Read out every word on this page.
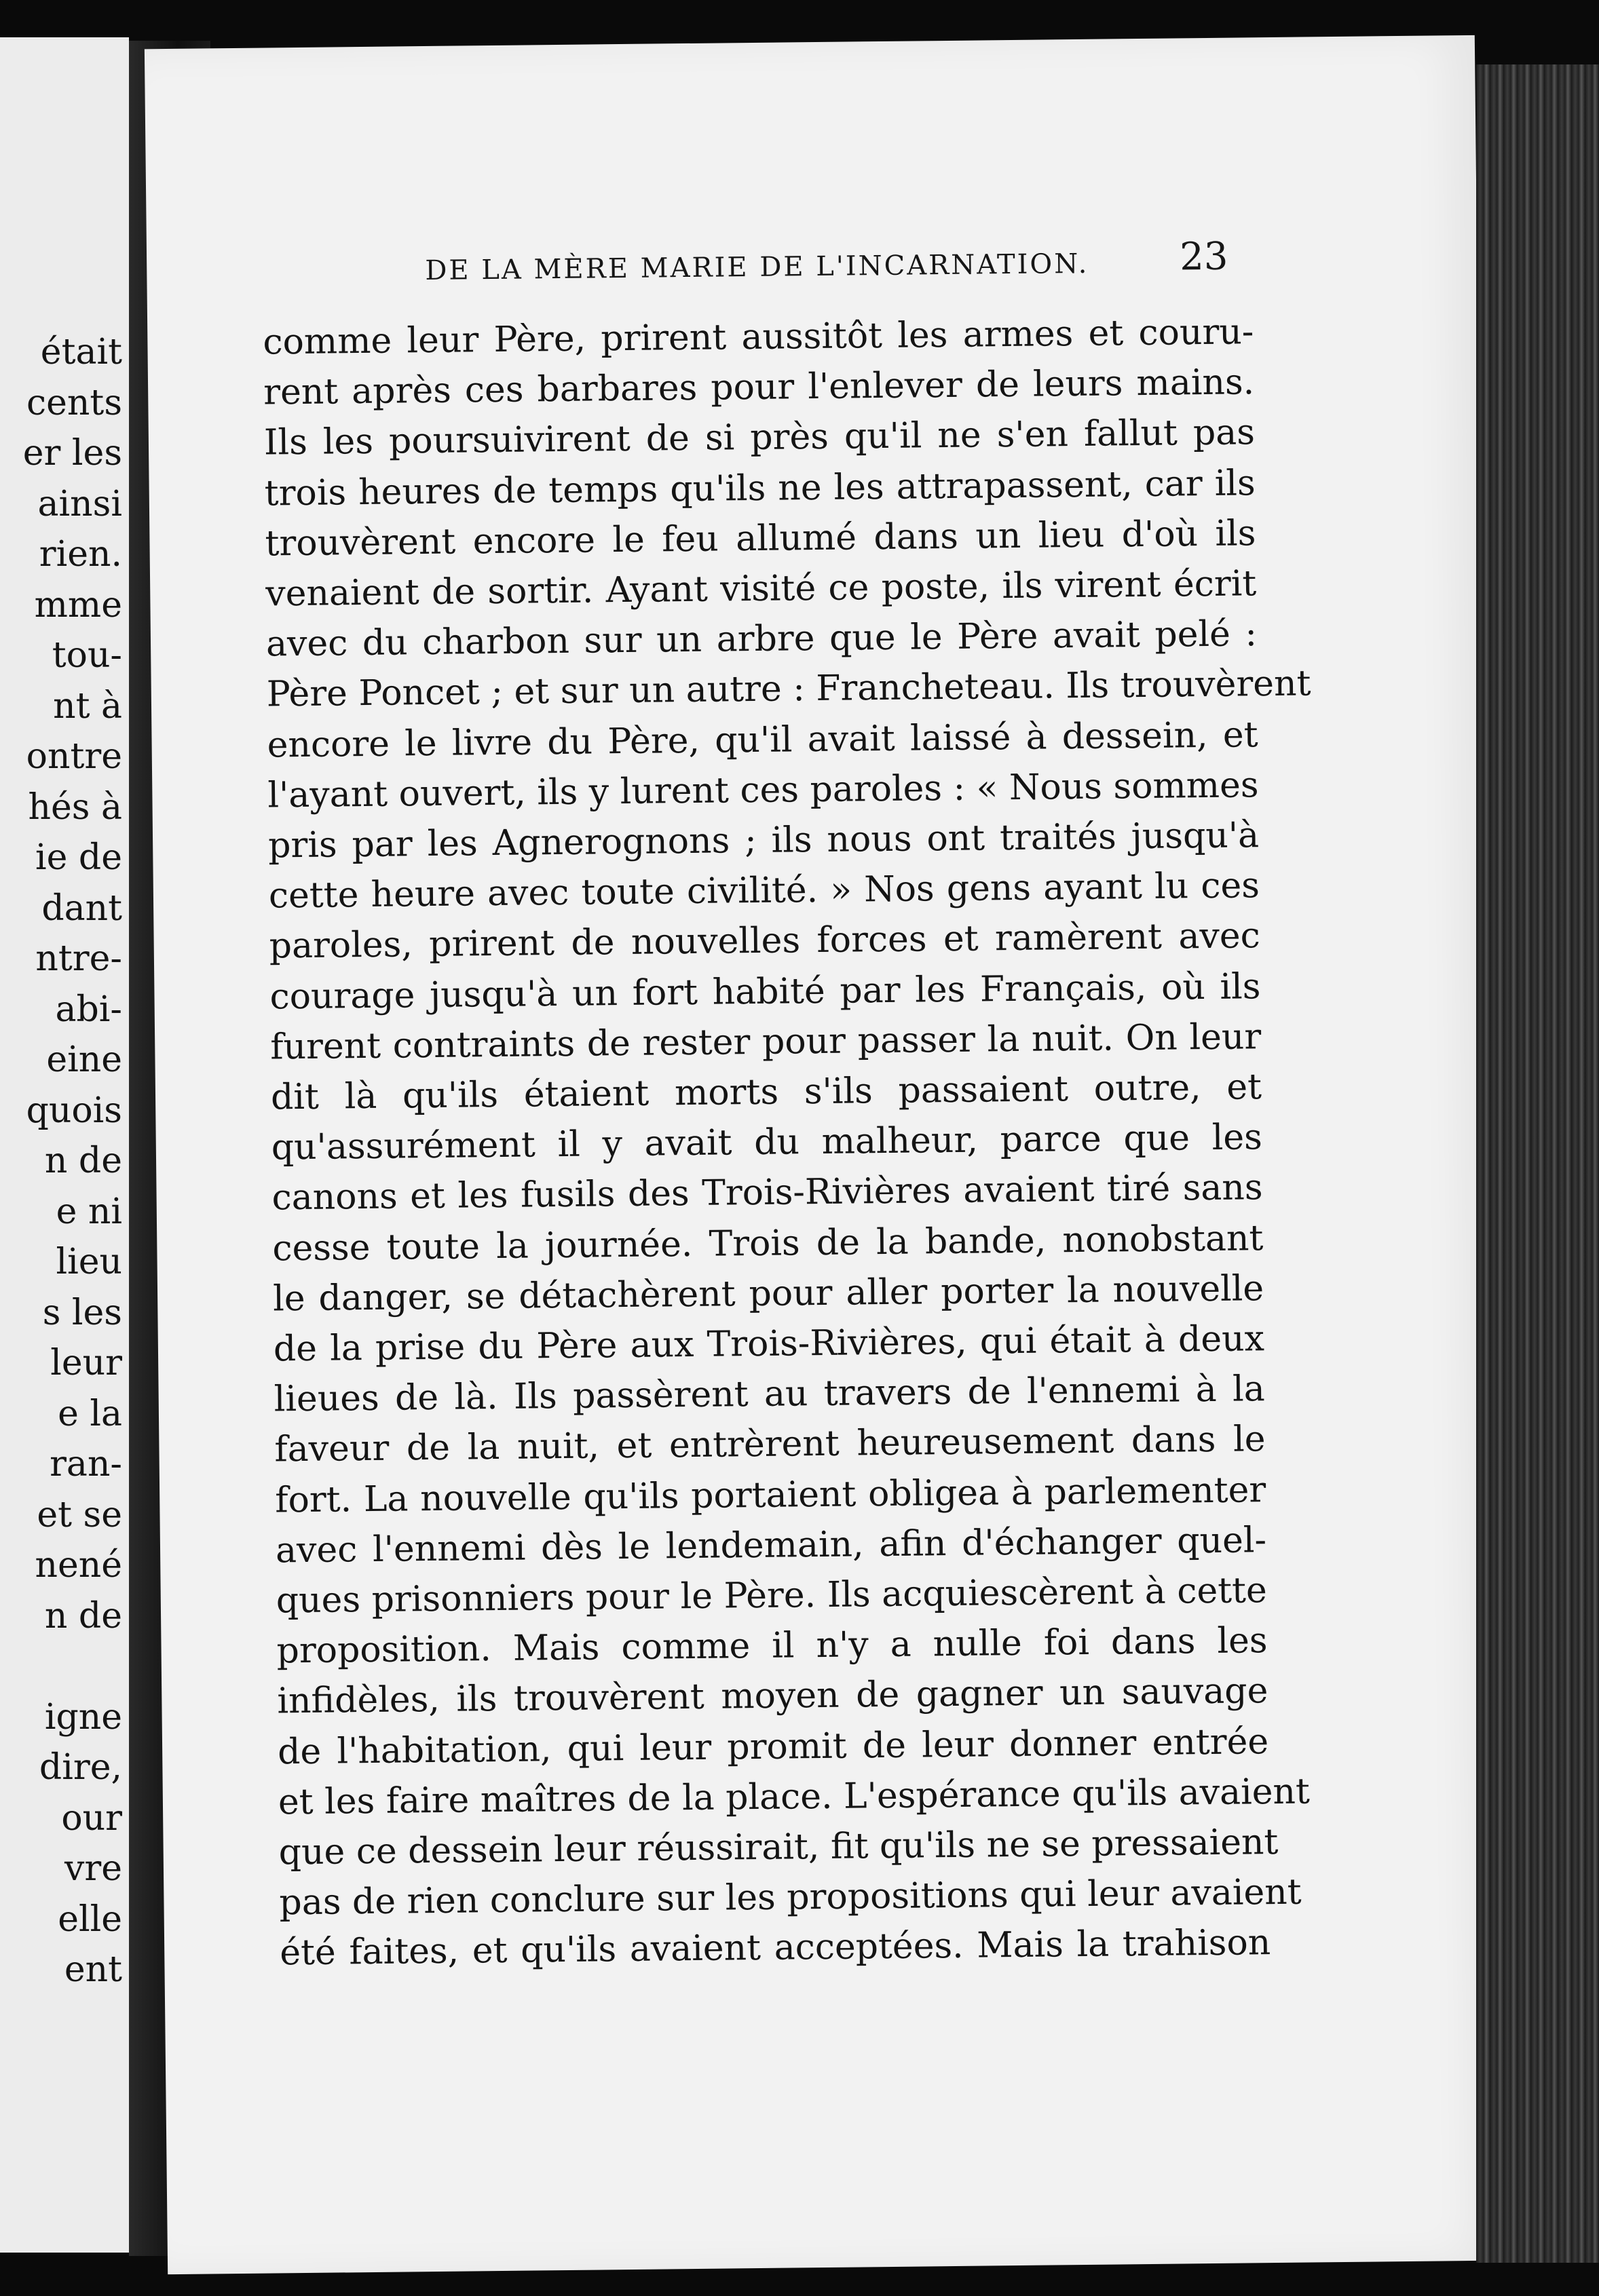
était
cents
er les
ainsi
rien.
mme
tou-
nt à
ontre
hés à
ie de
dant
ntre-
abi-
eine
quois
n de
e ni
lieu
s les
leur
e la
ran-
et se
nené
n de
igne
dire,
our
vre
elle
ent
DE LA MÈRE MARIE DE L'INCARNATION. 23
comme leur Père, prirent aussitôt les armes et couru-
rent après ces barbares pour l'enlever de leurs mains.
Ils les poursuivirent de si près qu'il ne s'en fallut pas
trois heures de temps qu'ils ne les attrapassent, car ils
trouvèrent encore le feu allumé dans un lieu d'où ils
venaient de sortir. Ayant visité ce poste, ils virent écrit
avec du charbon sur un arbre que le Père avait pelé :
Père Poncet ; et sur un autre : Francheteau. Ils trouvèrent
encore le livre du Père, qu'il avait laissé à dessein, et
l'ayant ouvert, ils y lurent ces paroles : « Nous sommes
pris par les Agnerognons ; ils nous ont traités jusqu'à
cette heure avec toute civilité. » Nos gens ayant lu ces
paroles, prirent de nouvelles forces et ramèrent avec
courage jusqu'à un fort habité par les Français, où ils
furent contraints de rester pour passer la nuit. On leur
dit là qu'ils étaient morts s'ils passaient outre, et
qu'assurément il y avait du malheur, parce que les
canons et les fusils des Trois-Rivières avaient tiré sans
cesse toute la journée. Trois de la bande, nonobstant
le danger, se détachèrent pour aller porter la nouvelle
de la prise du Père aux Trois-Rivières, qui était à deux
lieues de là. Ils passèrent au travers de l'ennemi à la
faveur de la nuit, et entrèrent heureusement dans le
fort. La nouvelle qu'ils portaient obligea à parlementer
avec l'ennemi dès le lendemain, afin d'échanger quel-
ques prisonniers pour le Père. Ils acquiescèrent à cette
proposition. Mais comme il n'y a nulle foi dans les
infidèles, ils trouvèrent moyen de gagner un sauvage
de l'habitation, qui leur promit de leur donner entrée
et les faire maîtres de la place. L'espérance qu'ils avaient
que ce dessein leur réussirait, fit qu'ils ne se pressaient
pas de rien conclure sur les propositions qui leur avaient
été faites, et qu'ils avaient acceptées. Mais la trahison
